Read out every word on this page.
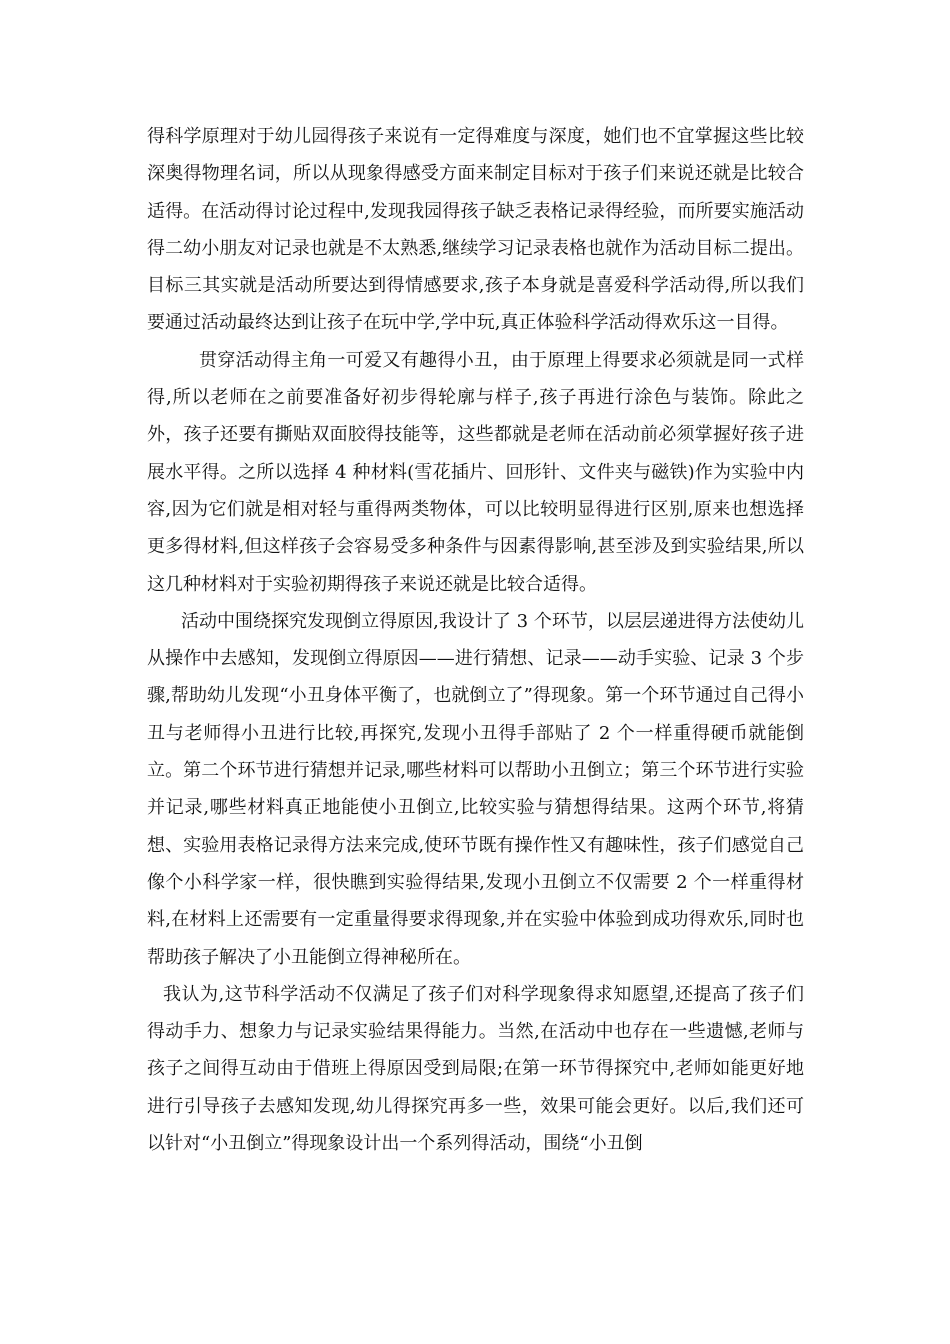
得科学原理对于幼儿园得孩子来说有一定得难度与深度，她们也不宜掌握这些比较深奥得物理名词，所以从现象得感受方面来制定目标对于孩子们来说还就是比较合适得。在活动得讨论过程中,发现我园得孩子缺乏表格记录得经验，而所要实施活动得二幼小朋友对记录也就是不太熟悉,继续学习记录表格也就作为活动目标二提出。目标三其实就是活动所要达到得情感要求,孩子本身就是喜爱科学活动得,所以我们要通过活动最终达到让孩子在玩中学,学中玩,真正体验科学活动得欢乐这一目得。

贯穿活动得主角一可爱又有趣得小丑，由于原理上得要求必须就是同一式样得,所以老师在之前要准备好初步得轮廓与样子,孩子再进行涂色与装饰。除此之外，孩子还要有撕贴双面胶得技能等，这些都就是老师在活动前必须掌握好孩子进展水平得。之所以选择 4 种材料(雪花插片、回形针、文件夹与磁铁)作为实验中内容,因为它们就是相对轻与重得两类物体，可以比较明显得进行区别,原来也想选择更多得材料,但这样孩子会容易受多种条件与因素得影响,甚至涉及到实验结果,所以这几种材料对于实验初期得孩子来说还就是比较合适得。

活动中围绕探究发现倒立得原因,我设计了 3 个环节，以层层递进得方法使幼儿从操作中去感知，发现倒立得原因——进行猜想、记录——动手实验、记录 3 个步骤,帮助幼儿发现“小丑身体平衡了，也就倒立了”得现象。第一个环节通过自己得小丑与老师得小丑进行比较,再探究,发现小丑得手部贴了 2 个一样重得硬币就能倒立。第二个环节进行猜想并记录,哪些材料可以帮助小丑倒立；第三个环节进行实验并记录,哪些材料真正地能使小丑倒立,比较实验与猜想得结果。这两个环节,将猜想、实验用表格记录得方法来完成,使环节既有操作性又有趣味性，孩子们感觉自己像个小科学家一样，很快瞧到实验得结果,发现小丑倒立不仅需要 2 个一样重得材料,在材料上还需要有一定重量得要求得现象,并在实验中体验到成功得欢乐,同时也帮助孩子解决了小丑能倒立得神秘所在。

我认为,这节科学活动不仅满足了孩子们对科学现象得求知愿望,还提高了孩子们得动手力、想象力与记录实验结果得能力。当然,在活动中也存在一些遗憾,老师与孩子之间得互动由于借班上得原因受到局限;在第一环节得探究中,老师如能更好地进行引导孩子去感知发现,幼儿得探究再多一些，效果可能会更好。以后,我们还可以针对“小丑倒立”得现象设计出一个系列得活动，围绕“小丑倒
